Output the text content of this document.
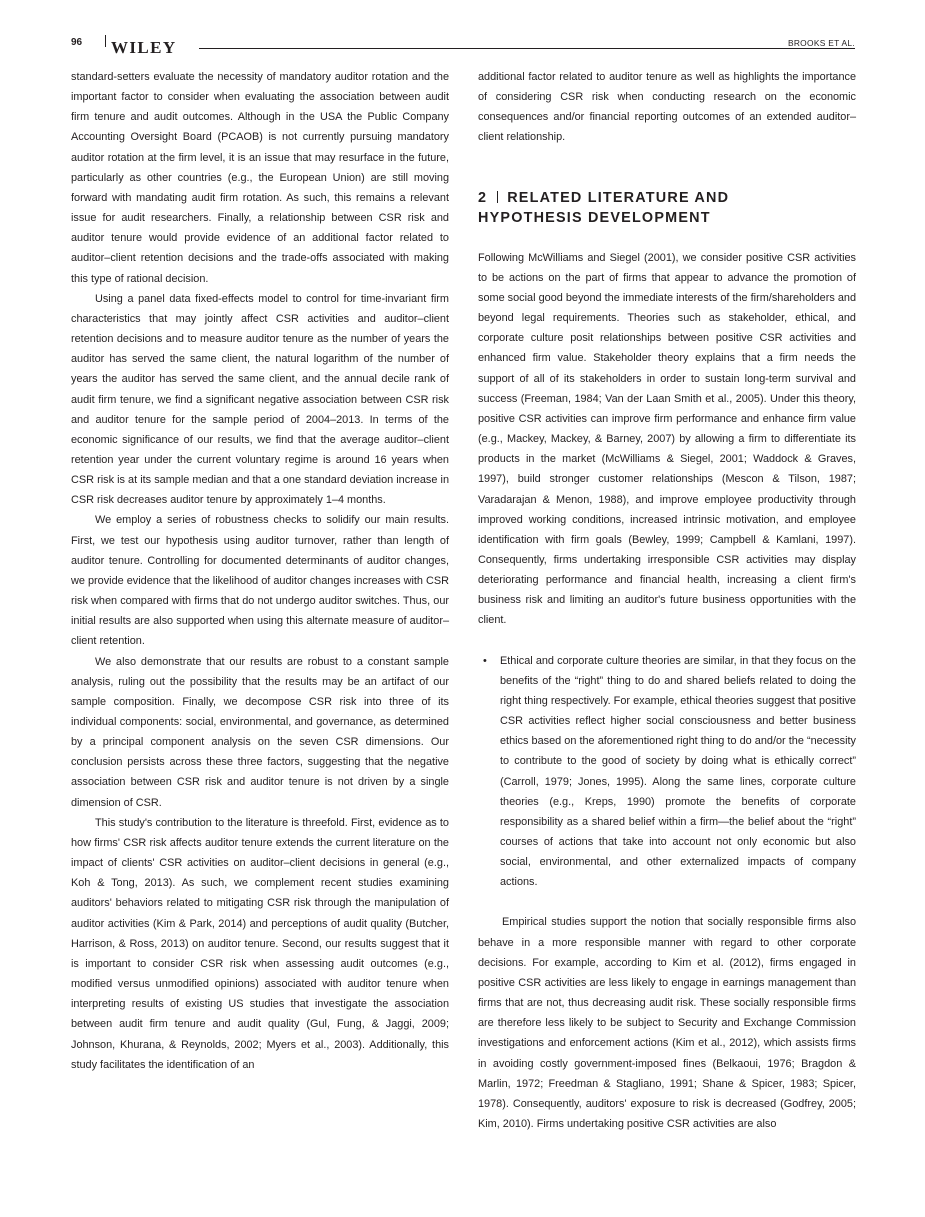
96 WILEY	BROOKS ET AL.

standard-setters evaluate the necessity of mandatory auditor rotation and the important factor to consider when evaluating the association between audit firm tenure and audit outcomes. Although in the USA the Public Company Accounting Oversight Board (PCAOB) is not currently pursuing mandatory auditor rotation at the firm level, it is an issue that may resurface in the future, particularly as other countries (e.g., the European Union) are still moving forward with mandating audit firm rotation. As such, this remains a relevant issue for audit researchers. Finally, a relationship between CSR risk and auditor tenure would provide evidence of an additional factor related to auditor–client retention decisions and the trade-offs associated with making this type of rational decision.

Using a panel data fixed-effects model to control for time-invariant firm characteristics that may jointly affect CSR activities and auditor–client retention decisions and to measure auditor tenure as the number of years the auditor has served the same client, the natural logarithm of the number of years the auditor has served the same client, and the annual decile rank of audit firm tenure, we find a significant negative association between CSR risk and auditor tenure for the sample period of 2004–2013. In terms of the economic significance of our results, we find that the average auditor–client retention year under the current voluntary regime is around 16 years when CSR risk is at its sample median and that a one standard deviation increase in CSR risk decreases auditor tenure by approximately 1–4 months.

We employ a series of robustness checks to solidify our main results. First, we test our hypothesis using auditor turnover, rather than length of auditor tenure. Controlling for documented determinants of auditor changes, we provide evidence that the likelihood of auditor changes increases with CSR risk when compared with firms that do not undergo auditor switches. Thus, our initial results are also supported when using this alternate measure of auditor–client retention.

We also demonstrate that our results are robust to a constant sample analysis, ruling out the possibility that the results may be an artifact of our sample composition. Finally, we decompose CSR risk into three of its individual components: social, environmental, and governance, as determined by a principal component analysis on the seven CSR dimensions. Our conclusion persists across these three factors, suggesting that the negative association between CSR risk and auditor tenure is not driven by a single dimension of CSR.

This study's contribution to the literature is threefold. First, evidence as to how firms' CSR risk affects auditor tenure extends the current literature on the impact of clients' CSR activities on auditor–client decisions in general (e.g., Koh & Tong, 2013). As such, we complement recent studies examining auditors' behaviors related to mitigating CSR risk through the manipulation of auditor activities (Kim & Park, 2014) and perceptions of audit quality (Butcher, Harrison, & Ross, 2013) on auditor tenure. Second, our results suggest that it is important to consider CSR risk when assessing audit outcomes (e.g., modified versus unmodified opinions) associated with auditor tenure when interpreting results of existing US studies that investigate the association between audit firm tenure and audit quality (Gul, Fung, & Jaggi, 2009; Johnson, Khurana, & Reynolds, 2002; Myers et al., 2003). Additionally, this study facilitates the identification of an

additional factor related to auditor tenure as well as highlights the importance of considering CSR risk when conducting research on the economic consequences and/or financial reporting outcomes of an extended auditor–client relationship.

2 RELATED LITERATURE AND
HYPOTHESIS DEVELOPMENT

Following McWilliams and Siegel (2001), we consider positive CSR activities to be actions on the part of firms that appear to advance the promotion of some social good beyond the immediate interests of the firm/shareholders and beyond legal requirements. Theories such as stakeholder, ethical, and corporate culture posit relationships between positive CSR activities and enhanced firm value. Stakeholder theory explains that a firm needs the support of all of its stakeholders in order to sustain long-term survival and success (Freeman, 1984; Van der Laan Smith et al., 2005). Under this theory, positive CSR activities can improve firm performance and enhance firm value (e.g., Mackey, Mackey, & Barney, 2007) by allowing a firm to differentiate its products in the market (McWilliams & Siegel, 2001; Waddock & Graves, 1997), build stronger customer relationships (Mescon & Tilson, 1987; Varadarajan & Menon, 1988), and improve employee productivity through improved working conditions, increased intrinsic motivation, and employee identification with firm goals (Bewley, 1999; Campbell & Kamlani, 1997). Consequently, firms undertaking irresponsible CSR activities may display deteriorating performance and financial health, increasing a client firm's business risk and limiting an auditor's future business opportunities with the client.

• Ethical and corporate culture theories are similar, in that they focus on the benefits of the “right” thing to do and shared beliefs related to doing the right thing respectively. For example, ethical theories suggest that positive CSR activities reflect higher social consciousness and better business ethics based on the aforementioned right thing to do and/or the “necessity to contribute to the good of society by doing what is ethically correct” (Carroll, 1979; Jones, 1995). Along the same lines, corporate culture theories (e.g., Kreps, 1990) promote the benefits of corporate responsibility as a shared belief within a firm—the belief about the “right” courses of actions that take into account not only economic but also social, environmental, and other externalized impacts of company actions.

Empirical studies support the notion that socially responsible firms also behave in a more responsible manner with regard to other corporate decisions. For example, according to Kim et al. (2012), firms engaged in positive CSR activities are less likely to engage in earnings management than firms that are not, thus decreasing audit risk. These socially responsible firms are therefore less likely to be subject to Security and Exchange Commission investigations and enforcement actions (Kim et al., 2012), which assists firms in avoiding costly government-imposed fines (Belkaoui, 1976; Bragdon & Marlin, 1972; Freedman & Stagliano, 1991; Shane & Spicer, 1983; Spicer, 1978). Consequently, auditors' exposure to risk is decreased (Godfrey, 2005; Kim, 2010). Firms undertaking positive CSR activities are also
